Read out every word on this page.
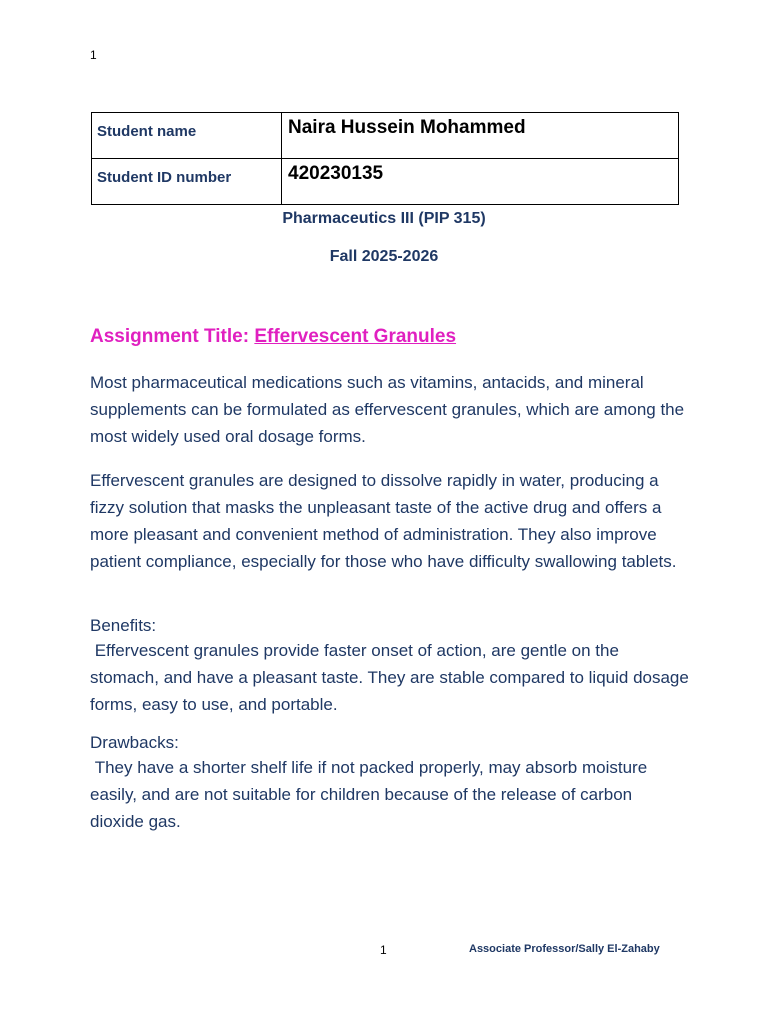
1
Student name	Naira Hussein Mohammed
Student ID number	420230135
Pharmaceutics III (PIP 315)
Fall 2025-2026
Assignment Title: Effervescent Granules

Most pharmaceutical medications such as vitamins, antacids, and mineral supplements can be formulated as effervescent granules, which are among the most widely used oral dosage forms.

Effervescent granules are designed to dissolve rapidly in water, producing a fizzy solution that masks the unpleasant taste of the active drug and offers a more pleasant and convenient method of administration. They also improve patient compliance, especially for those who have difficulty swallowing tablets.

Benefits:

Effervescent granules provide faster onset of action, are gentle on the stomach, and have a pleasant taste. They are stable compared to liquid dosage forms, easy to use, and portable.

Drawbacks:

They have a shorter shelf life if not packed properly, may absorb moisture easily, and are not suitable for children because of the release of carbon dioxide gas.

1	Associate Professor/Sally El-Zahaby
